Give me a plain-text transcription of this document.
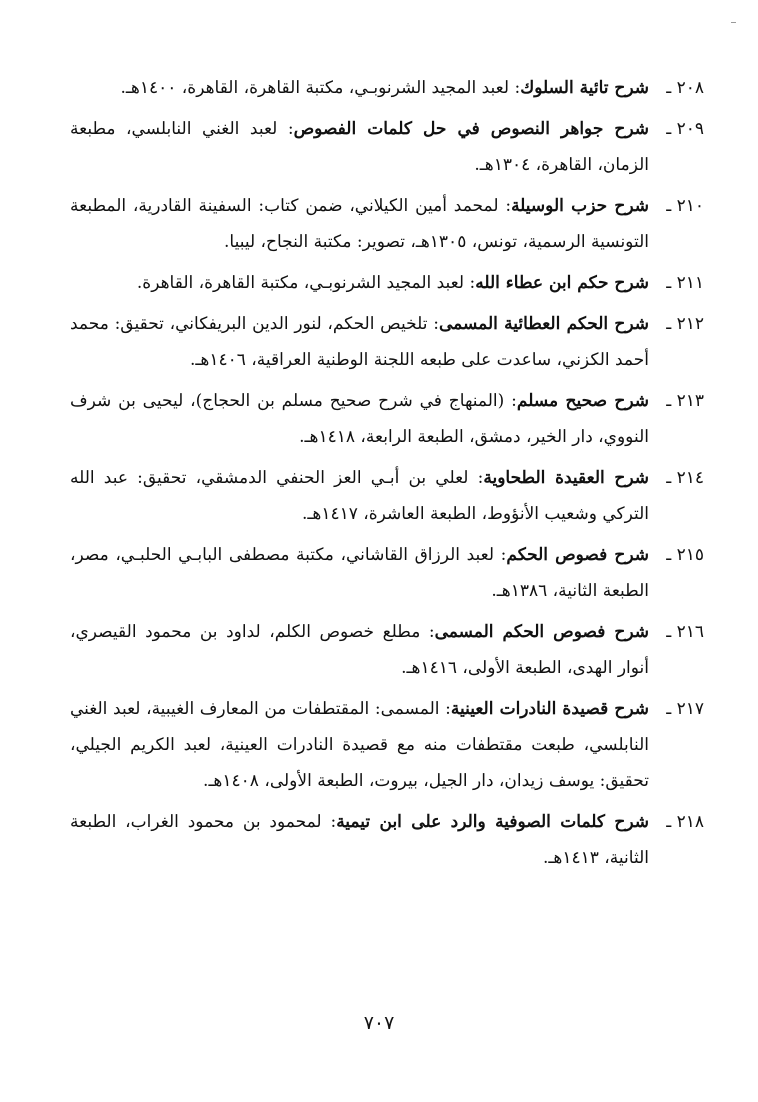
٢٠٨ ـ
شرح تائية السلوك: لعبد المجيد الشرنوبـي، مكتبة القاهرة، القاهرة، ١٤٠٠هـ.
٢٠٩ ـ
شرح جواهر النصوص في حل كلمات الفصوص: لعبد الغني النابلسي، مطبعة الزمان، القاهرة، ١٣٠٤هـ.
٢١٠ ـ
شرح حزب الوسيلة: لمحمد أمين الكيلاني، ضمن كتاب: السفينة القادرية، المطبعة التونسية الرسمية، تونس، ١٣٠٥هـ، تصوير: مكتبة النجاح، ليبيا.
٢١١ ـ
شرح حكم ابن عطاء الله: لعبد المجيد الشرنوبـي، مكتبة القاهرة، القاهرة.
٢١٢ ـ
شرح الحكم العطائية المسمى: تلخيص الحكم، لنور الدين البريفكاني، تحقيق: محمد أحمد الكزني، ساعدت على طبعه اللجنة الوطنية العراقية، ١٤٠٦هـ.
٢١٣ ـ
شرح صحيح مسلم: (المنهاج في شرح صحيح مسلم بن الحجاج)، ليحيى بن شرف النووي، دار الخير، دمشق، الطبعة الرابعة، ١٤١٨هـ.
٢١٤ ـ
شرح العقيدة الطحاوية: لعلي بن أبـي العز الحنفي الدمشقي، تحقيق: عبد الله التركي وشعيب الأنؤوط، الطبعة العاشرة، ١٤١٧هـ.
٢١٥ ـ
شرح فصوص الحكم: لعبد الرزاق القاشاني، مكتبة مصطفى البابـي الحلبـي، مصر، الطبعة الثانية، ١٣٨٦هـ.
٢١٦ ـ
شرح فصوص الحكم المسمى: مطلع خصوص الكلم، لداود بن محمود القيصري، أنوار الهدى، الطبعة الأولى، ١٤١٦هـ.
٢١٧ ـ
شرح قصيدة النادرات العينية: المسمى: المقتطفات من المعارف الغيبية، لعبد الغني النابلسي، طبعت مقتطفات منه مع قصيدة النادرات العينية، لعبد الكريم الجيلي، تحقيق: يوسف زيدان، دار الجيل، بيروت، الطبعة الأولى، ١٤٠٨هـ.
٢١٨ ـ
شرح كلمات الصوفية والرد على ابن تيمية: لمحمود بن محمود الغراب، الطبعة الثانية، ١٤١٣هـ.
٧٠٧
